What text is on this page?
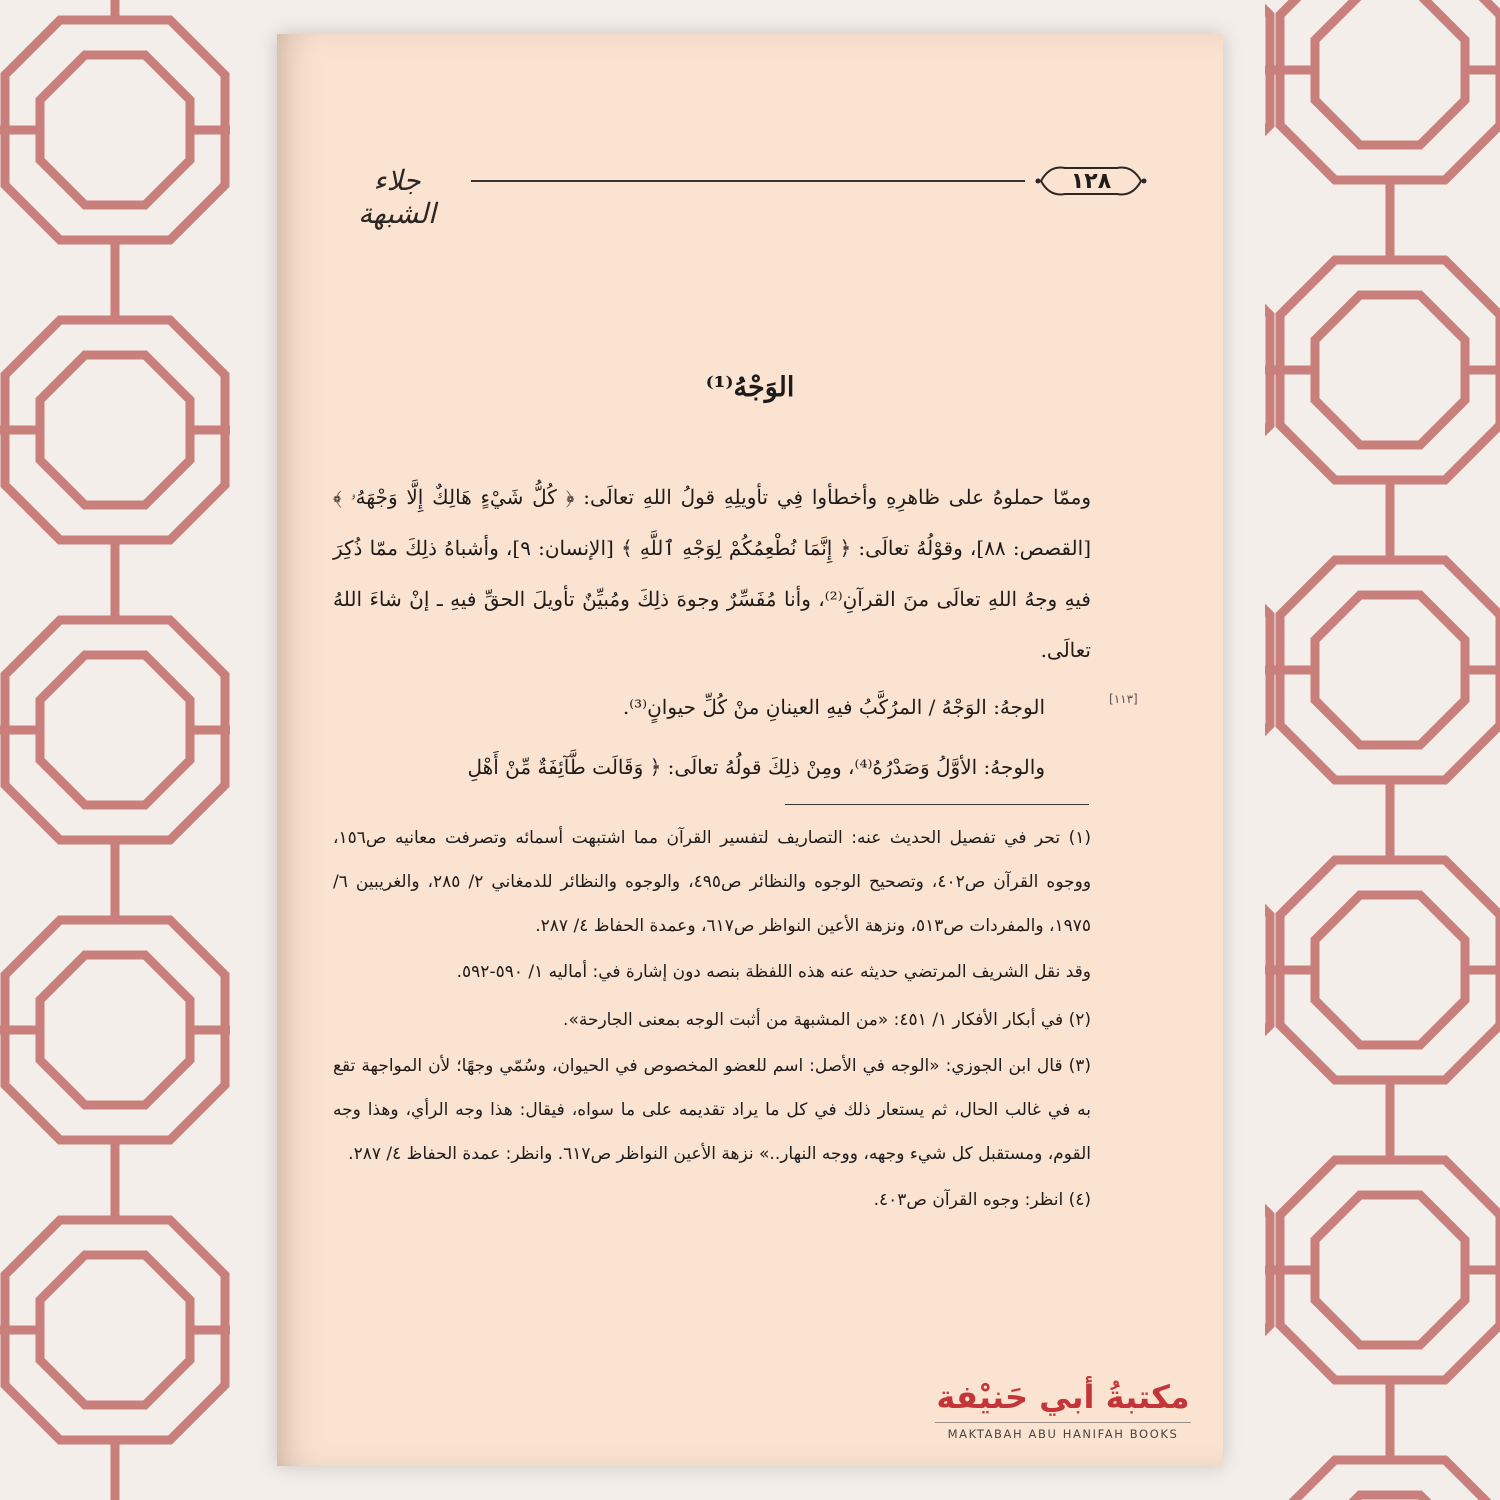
جلاء الشبهة
١٢٨
⠀
الوَجْهُ⁽¹⁾

وممّا حملوهُ على ظاهرِهِ وأخطأوا فِي تأويلِهِ قولُ اللهِ تعالَى: ﴿ كُلُّ شَيْءٍ هَالِكٌ إِلَّا وَجْهَهُۥ ﴾ [القصص: ٨٨]، وقوْلُهُ تعالَى: ﴿ إِنَّمَا نُطْعِمُكُمْ لِوَجْهِ ٱللَّهِ ﴾ [الإنسان: ٩]، وأشباهُ ذلِكَ ممّا ذُكِرَ فيهِ وجهُ اللهِ تعالَى منَ القرآنِ⁽²⁾، وأنا مُفَسِّرٌ وجوهَ ذلِكَ ومُبيِّنٌ تأويلَ الحقِّ فيهِ ـ إنْ شاءَ اللهُ تعالَى.

الوجهُ: الوَجْهُ / المرُكَّبُ فيهِ العينانِ منْ كُلِّ حيوانٍ⁽³⁾.	[١١٣]

والوجهُ: الأوَّلُ وَصَدْرُهُ⁽⁴⁾، ومِنْ ذلِكَ قولُهُ تعالَى: ﴿ وَقَالَت طَّآئِفَةٌ مِّنْ أَهْلِ

(١) تحر في تفصيل الحديث عنه: التصاريف لتفسير القرآن مما اشتبهت أسمائه وتصرفت معانيه ص١٥٦، ووجوه القرآن ص٤٠٢، وتصحيح الوجوه والنظائر ص٤٩٥، والوجوه والنظائر للدمغاني ٢/ ٢٨٥، والغريبين ٦/ ١٩٧٥، والمفردات ص٥١٣، ونزهة الأعين النواظر ص٦١٧، وعمدة الحفاظ ٤/ ٢٨٧.

وقد نقل الشريف المرتضي حديثه عنه هذه اللفظة بنصه دون إشارة في: أماليه ١/ ٥٩٠-٥٩٢.

(٢) في أبكار الأفكار ١/ ٤٥١: «من المشبهة من أثبت الوجه بمعنى الجارحة».

(٣) قال ابن الجوزي: «الوجه في الأصل: اسم للعضو المخصوص في الحيوان، وسُمّي وجهًا؛ لأن المواجهة تقع به في غالب الحال، ثم يستعار ذلك في كل ما يراد تقديمه على ما سواه، فيقال: هذا وجه الرأي، وهذا وجه القوم، ومستقبل كل شيء وجهه، ووجه النهار..» نزهة الأعين النواظر ص٦١٧. وانظر: عمدة الحفاظ ٤/ ٢٨٧.

(٤) انظر: وجوه القرآن ص٤٠٣.

مكتبةُ أبي حَنيْفة
MAKTABAH ABU HANIFAH BOOKS
